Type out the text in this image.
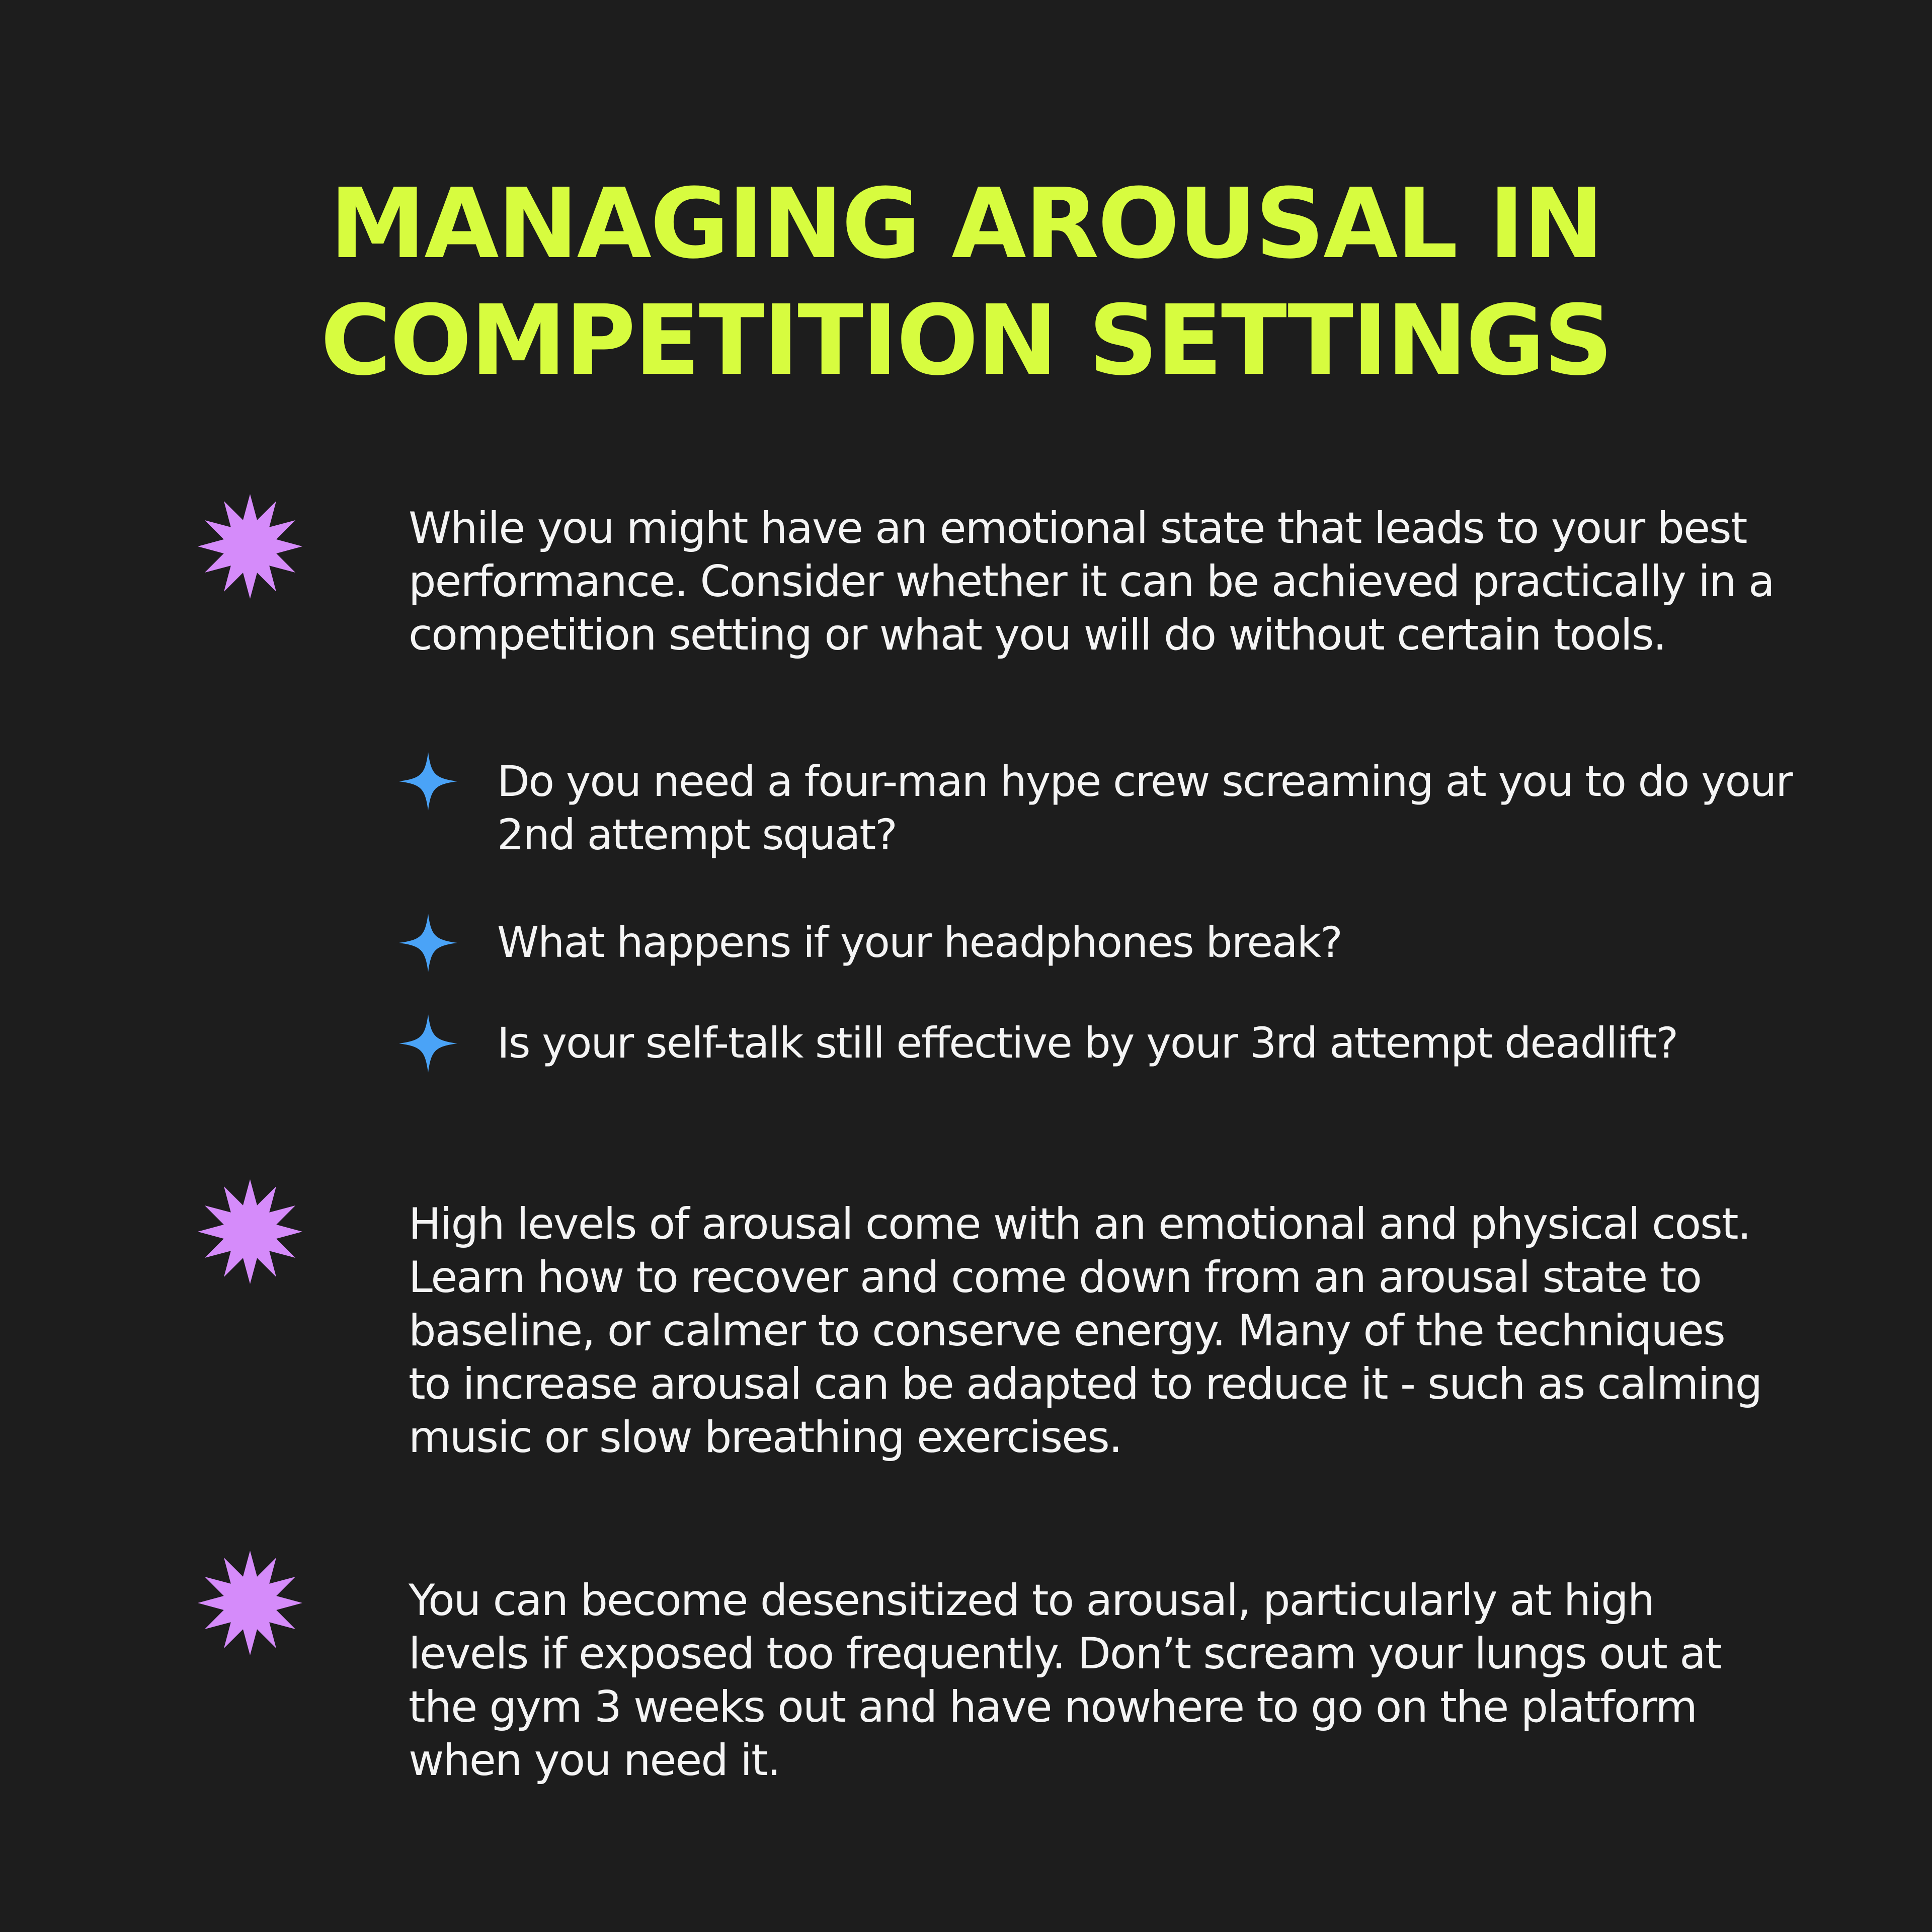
MANAGING AROUSAL IN
COMPETITION SETTINGS

While you might have an emotional state that leads to your best performance. Consider whether it can be achieved practically in a competition setting or what you will do without certain tools.

Do you need a four-man hype crew screaming at you to do your 2nd attempt squat?

What happens if your headphones break?

Is your self-talk still effective by your 3rd attempt deadlift?

High levels of arousal come with an emotional and physical cost. Learn how to recover and come down from an arousal state to baseline, or calmer to conserve energy. Many of the techniques to increase arousal can be adapted to reduce it - such as calming music or slow breathing exercises.

You can become desensitized to arousal, particularly at high levels if exposed too frequently. Don’t scream your lungs out at the gym 3 weeks out and have nowhere to go on the platform when you need it.
